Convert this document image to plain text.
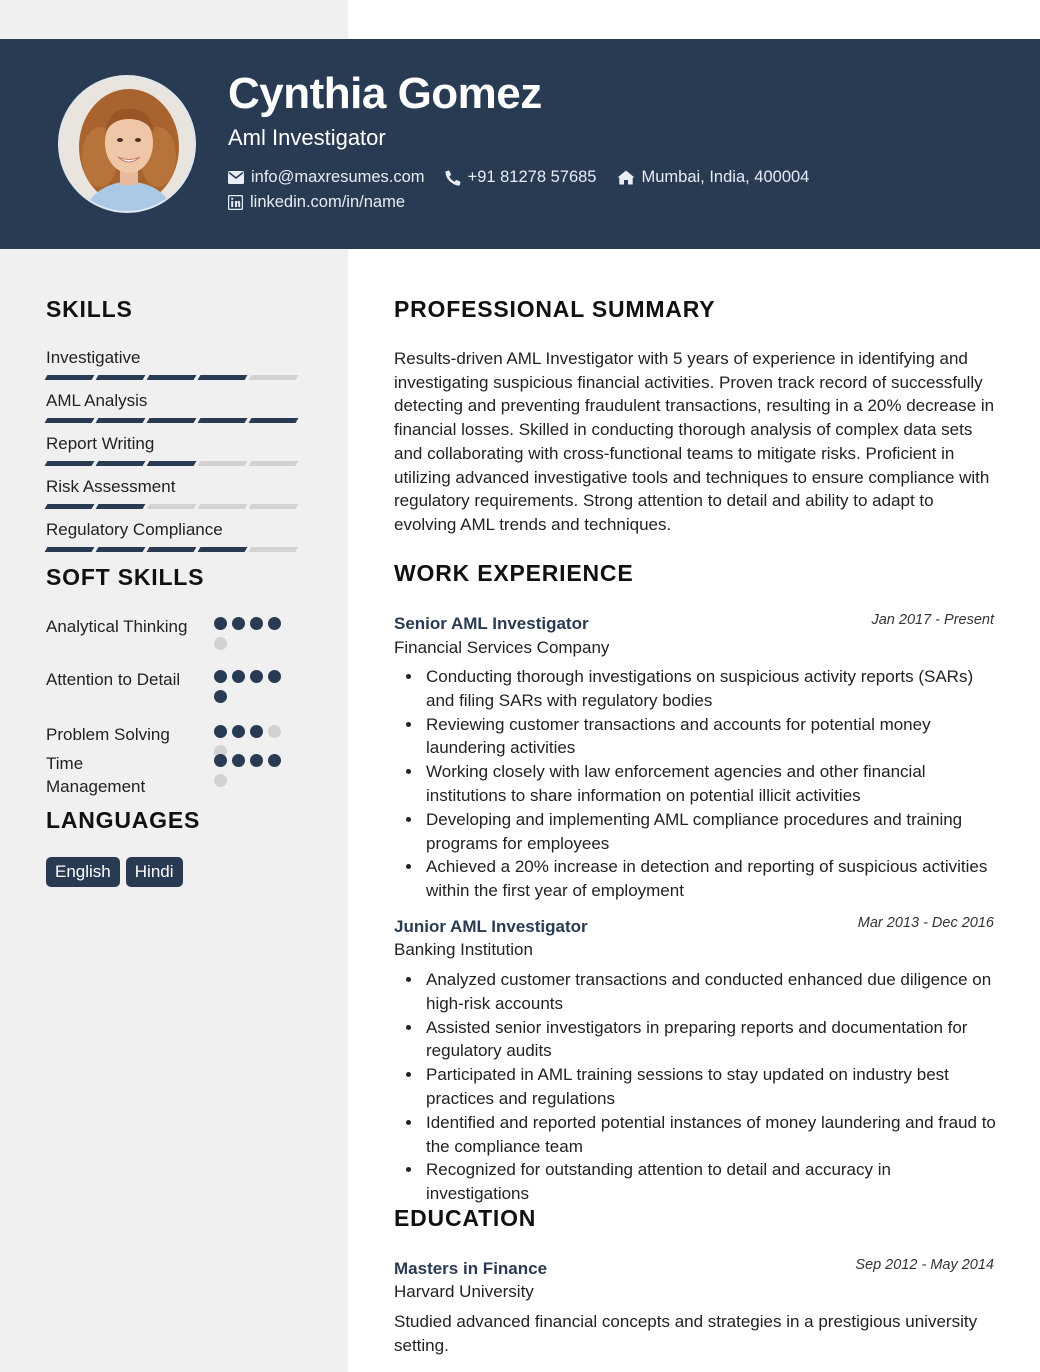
Cynthia Gomez
Aml Investigator
info@maxresumes.com	+91 81278 57685	Mumbai, India, 400004
linkedin.com/in/name
SKILLS
Investigative
AML Analysis
Report Writing
Risk Assessment
Regulatory Compliance
SOFT SKILLS
Analytical Thinking
Attention to Detail
Problem Solving
Time Management
LANGUAGES
English	Hindi
PROFESSIONAL SUMMARY
Results-driven AML Investigator with 5 years of experience in identifying and investigating suspicious financial activities. Proven track record of successfully detecting and preventing fraudulent transactions, resulting in a 20% decrease in financial losses. Skilled in conducting thorough analysis of complex data sets and collaborating with cross-functional teams to mitigate risks. Proficient in utilizing advanced investigative tools and techniques to ensure compliance with regulatory requirements. Strong attention to detail and ability to adapt to evolving AML trends and techniques.
WORK EXPERIENCE
Senior AML Investigator	Jan 2017 - Present
Financial Services Company
Conducting thorough investigations on suspicious activity reports (SARs) and filing SARs with regulatory bodies
Reviewing customer transactions and accounts for potential money laundering activities
Working closely with law enforcement agencies and other financial institutions to share information on potential illicit activities
Developing and implementing AML compliance procedures and training programs for employees
Achieved a 20% increase in detection and reporting of suspicious activities within the first year of employment
Junior AML Investigator	Mar 2013 - Dec 2016
Banking Institution
Analyzed customer transactions and conducted enhanced due diligence on high-risk accounts
Assisted senior investigators in preparing reports and documentation for regulatory audits
Participated in AML training sessions to stay updated on industry best practices and regulations
Identified and reported potential instances of money laundering and fraud to the compliance team
Recognized for outstanding attention to detail and accuracy in investigations
EDUCATION
Masters in Finance	Sep 2012 - May 2014
Harvard University
Studied advanced financial concepts and strategies in a prestigious university setting.
